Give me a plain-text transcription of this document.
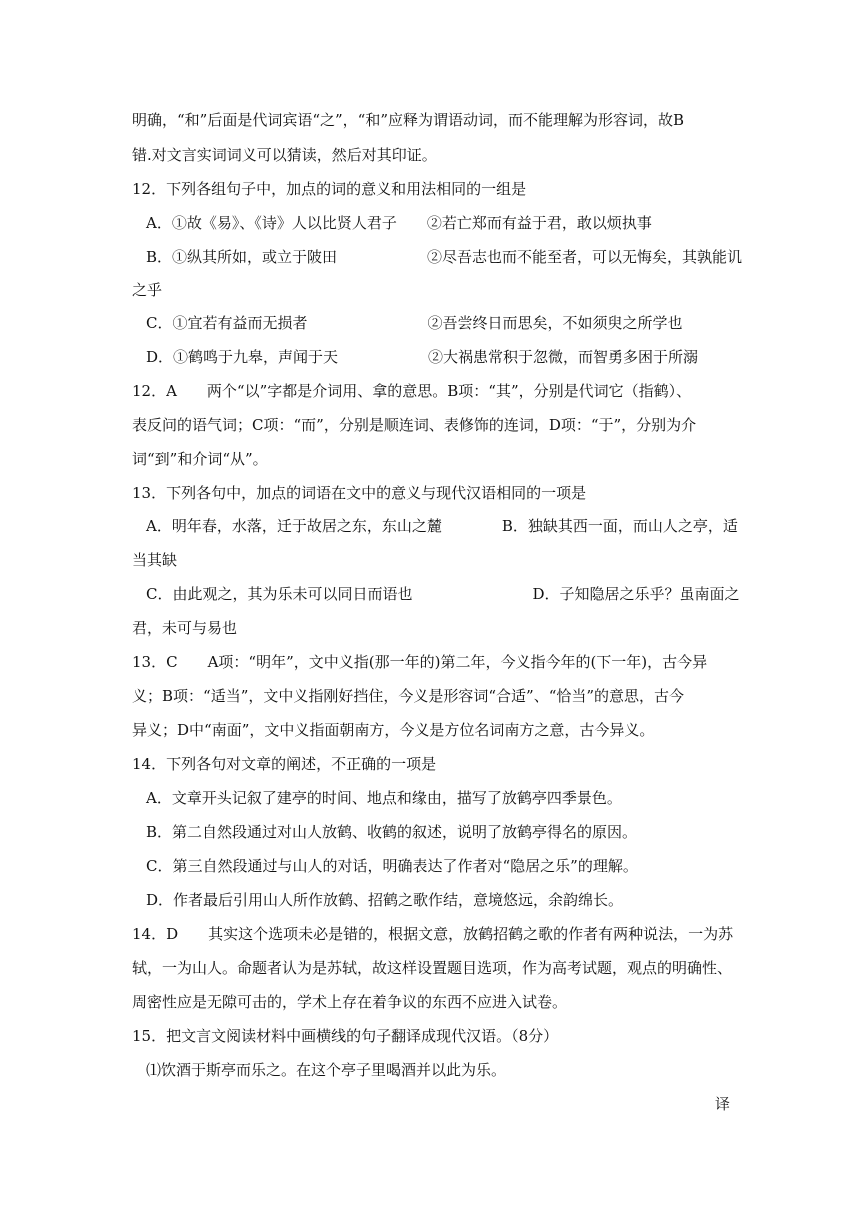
明确，“和”后面是代词宾语“之”，“和”应释为谓语动词，而不能理解为形容词，故B
错.对文言实词词义可以猜读，然后对其印证。
12．下列各组句子中，加点的词的意义和用法相同的一组是
A．①故《易》、《诗》人以比贤人君子　　②若亡郑而有益于君，敢以烦执事
B．①纵其所如，或立于陂田　　　　　　②尽吾志也而不能至者，可以无悔矣，其孰能讥
之乎
C．①宜若有益而无损者　　　　　　　　②吾尝终日而思矣，不如须臾之所学也
D．①鹤鸣于九皋，声闻于天　　　　　　②大祸患常积于忽微，而智勇多困于所溺
12．A　　两个“以”字都是介词用、拿的意思。B项：“其”，分别是代词它（指鹤）、
表反问的语气词；C项：“而”，分别是顺连词、表修饰的连词，D项：“于”，分别为介
词“到”和介词“从”。
13．下列各句中，加点的词语在文中的意义与现代汉语相同的一项是
A．明年春，水落，迁于故居之东，东山之麓　　　　B．独缺其西一面，而山人之亭，适
当其缺
C．由此观之，其为乐未可以同日而语也　　　　　　　　D．子知隐居之乐乎？虽南面之
君，未可与易也
13．C　　A项：“明年”，文中义指(那一年的)第二年，今义指今年的(下一年)，古今异
义；B项：“适当”，文中义指刚好挡住，今义是形容词“合适”、“恰当”的意思，古今
异义；D中“南面”，文中义指面朝南方，今义是方位名词南方之意，古今异义。
14．下列各句对文章的阐述，不正确的一项是
A．文章开头记叙了建亭的时间、地点和缘由，描写了放鹤亭四季景色。
B．第二自然段通过对山人放鹤、收鹤的叙述，说明了放鹤亭得名的原因。
C．第三自然段通过与山人的对话，明确表达了作者对“隐居之乐”的理解。
D．作者最后引用山人所作放鹤、招鹤之歌作结，意境悠远，余韵绵长。
14．D　　其实这个选项未必是错的，根据文意，放鹤招鹤之歌的作者有两种说法，一为苏
轼，一为山人。命题者认为是苏轼，故这样设置题目选项，作为高考试题，观点的明确性、
周密性应是无隙可击的，学术上存在着争议的东西不应进入试卷。
15．把文言文阅读材料中画横线的句子翻译成现代汉语。（8分）
⑴饮酒于斯亭而乐之。在这个亭子里喝酒并以此为乐。
译
